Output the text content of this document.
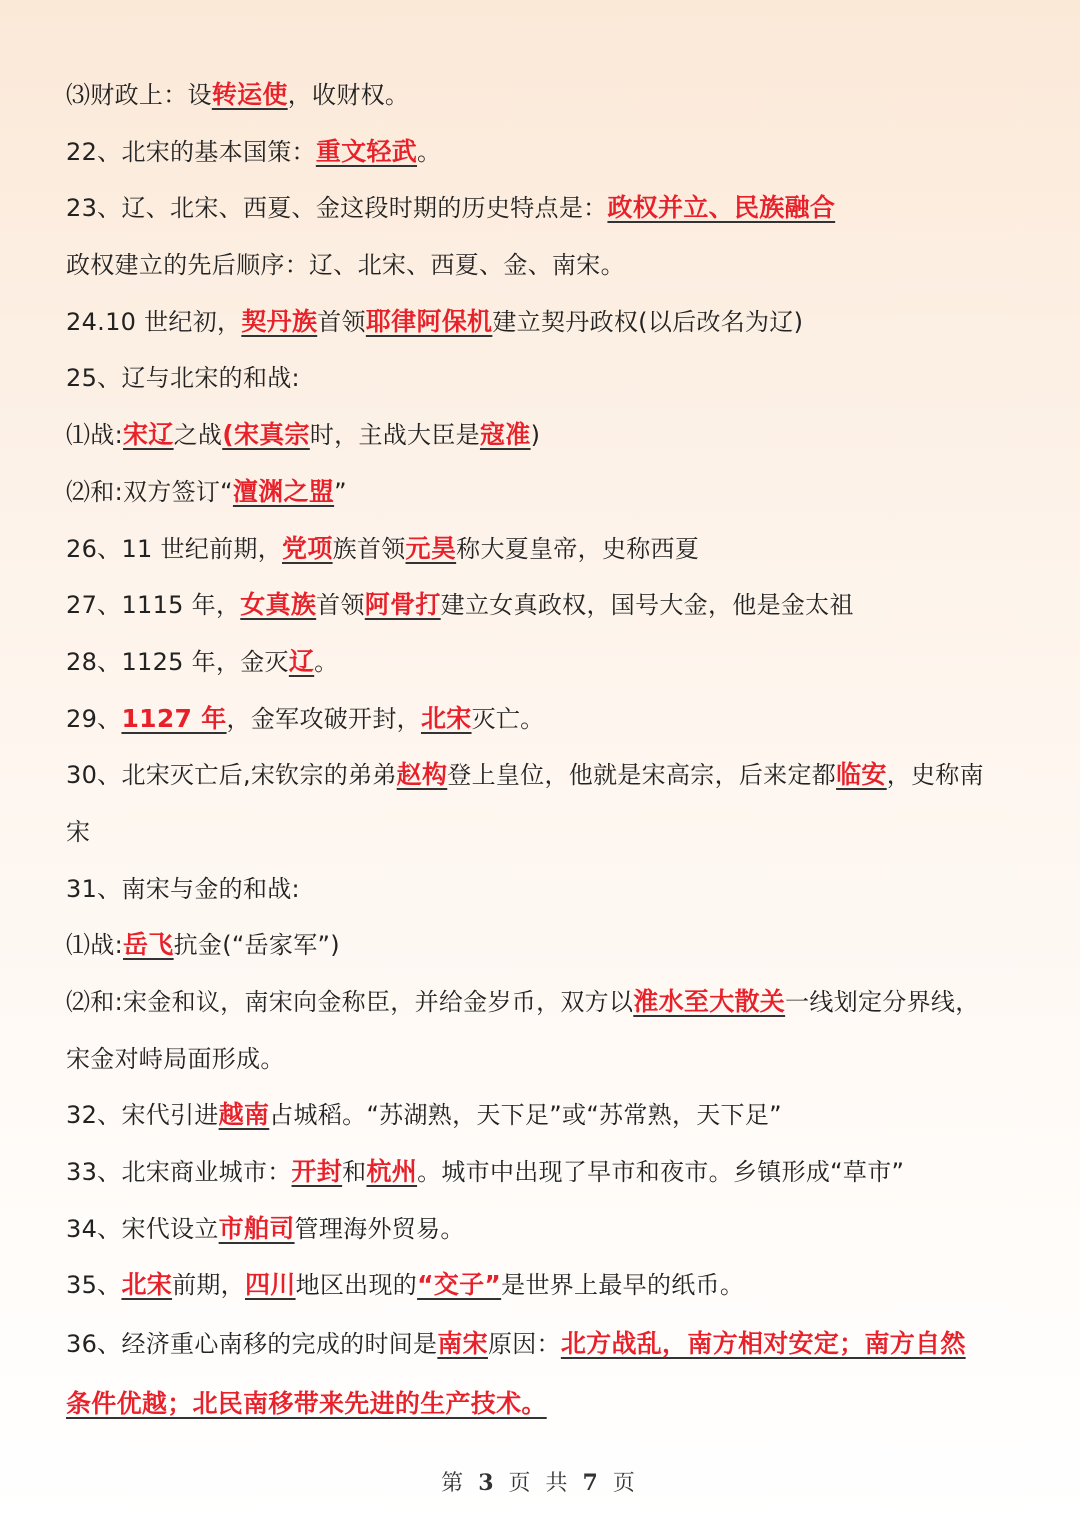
⑶财政上：设转运使，收财权。
22、北宋的基本国策：重文轻武。
23、辽、北宋、西夏、金这段时期的历史特点是：政权并立、民族融合
政权建立的先后顺序：辽、北宋、西夏、金、南宋。
24.10 世纪初，契丹族首领耶律阿保机建立契丹政权(以后改名为辽)
25、辽与北宋的和战:
⑴战:宋辽之战(宋真宗时，主战大臣是寇准)
⑵和:双方签订“澶渊之盟”
26、11 世纪前期，党项族首领元昊称大夏皇帝，史称西夏
27、1115 年，女真族首领阿骨打建立女真政权，国号大金，他是金太祖
28、1125 年，金灭辽。
29、1127 年，金军攻破开封，北宋灭亡。
30、北宋灭亡后,宋钦宗的弟弟赵构登上皇位，他就是宋高宗，后来定都临安，史称南
宋
31、南宋与金的和战:
⑴战:岳飞抗金(“岳家军”)
⑵和:宋金和议，南宋向金称臣，并给金岁币，双方以淮水至大散关一线划定分界线，
宋金对峙局面形成。
32、宋代引进越南占城稻。“苏湖熟，天下足”或“苏常熟，天下足”
33、北宋商业城市：开封和杭州。城市中出现了早市和夜市。乡镇形成“草市”
34、宋代设立市舶司管理海外贸易。
35、北宋前期，四川地区出现的“交子”是世界上最早的纸币。
36、经济重心南移的完成的时间是南宋原因：北方战乱，南方相对安定；南方自然
条件优越；北民南移带来先进的生产技术。
第 3 页 共 7 页
